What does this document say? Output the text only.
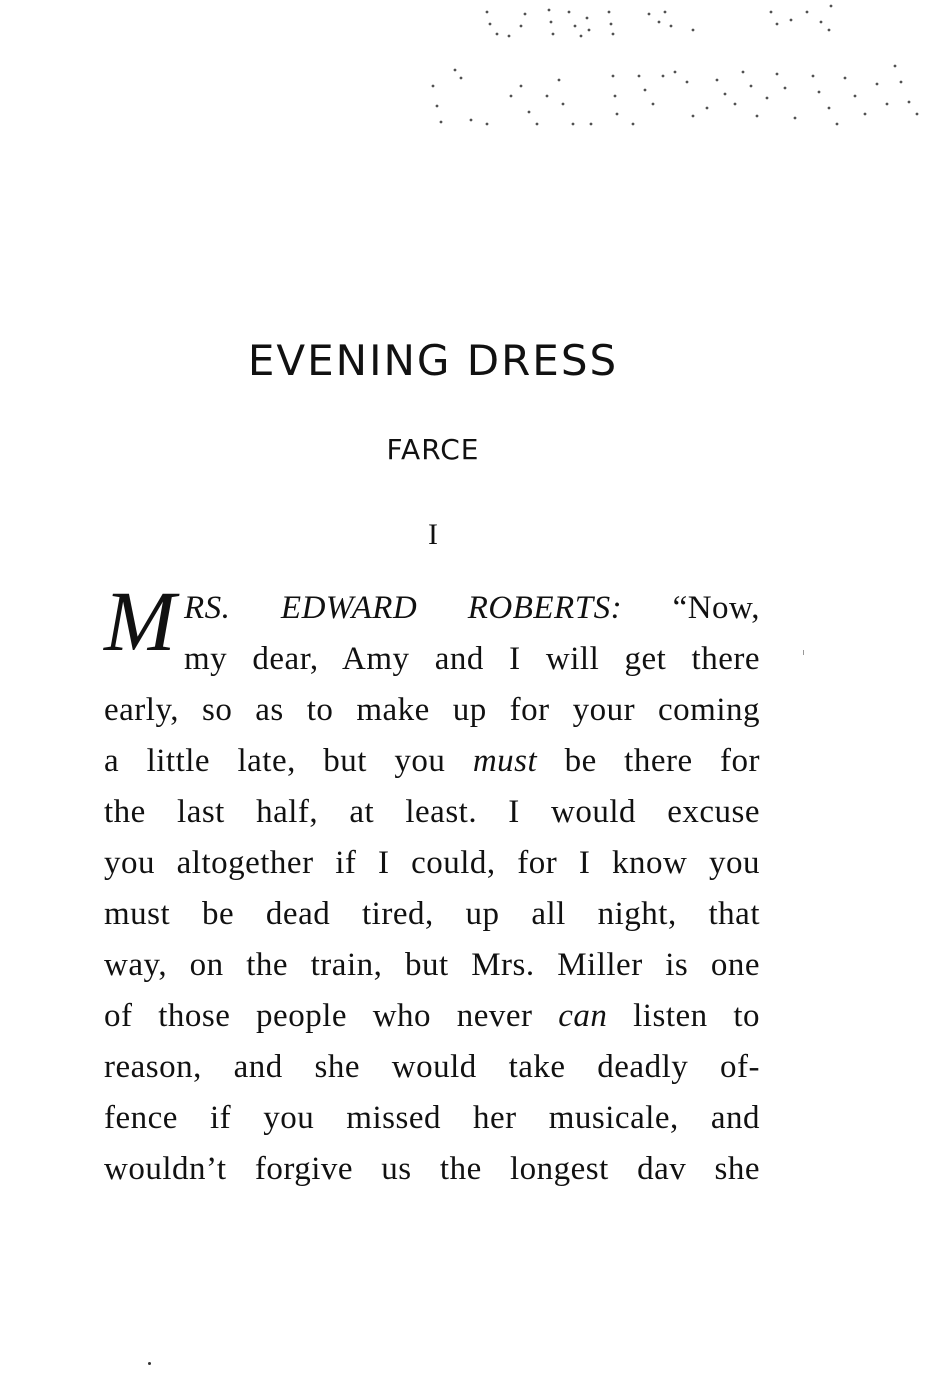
EVENING DRESS
FARCE
I
M RS. EDWARD ROBERTS: “Now,
my dear, Amy and I will get there
early, so as to make up for your coming
a little late, but you must be there for
the last half, at least. I would excuse
you altogether if I could, for I know you
must be dead tired, up all night, that
way, on the train, but Mrs. Miller is one
of those people who never can listen to
reason, and she would take deadly of-
fence if you missed her musicale, and
wouldn’t forgive us the longest dav she
